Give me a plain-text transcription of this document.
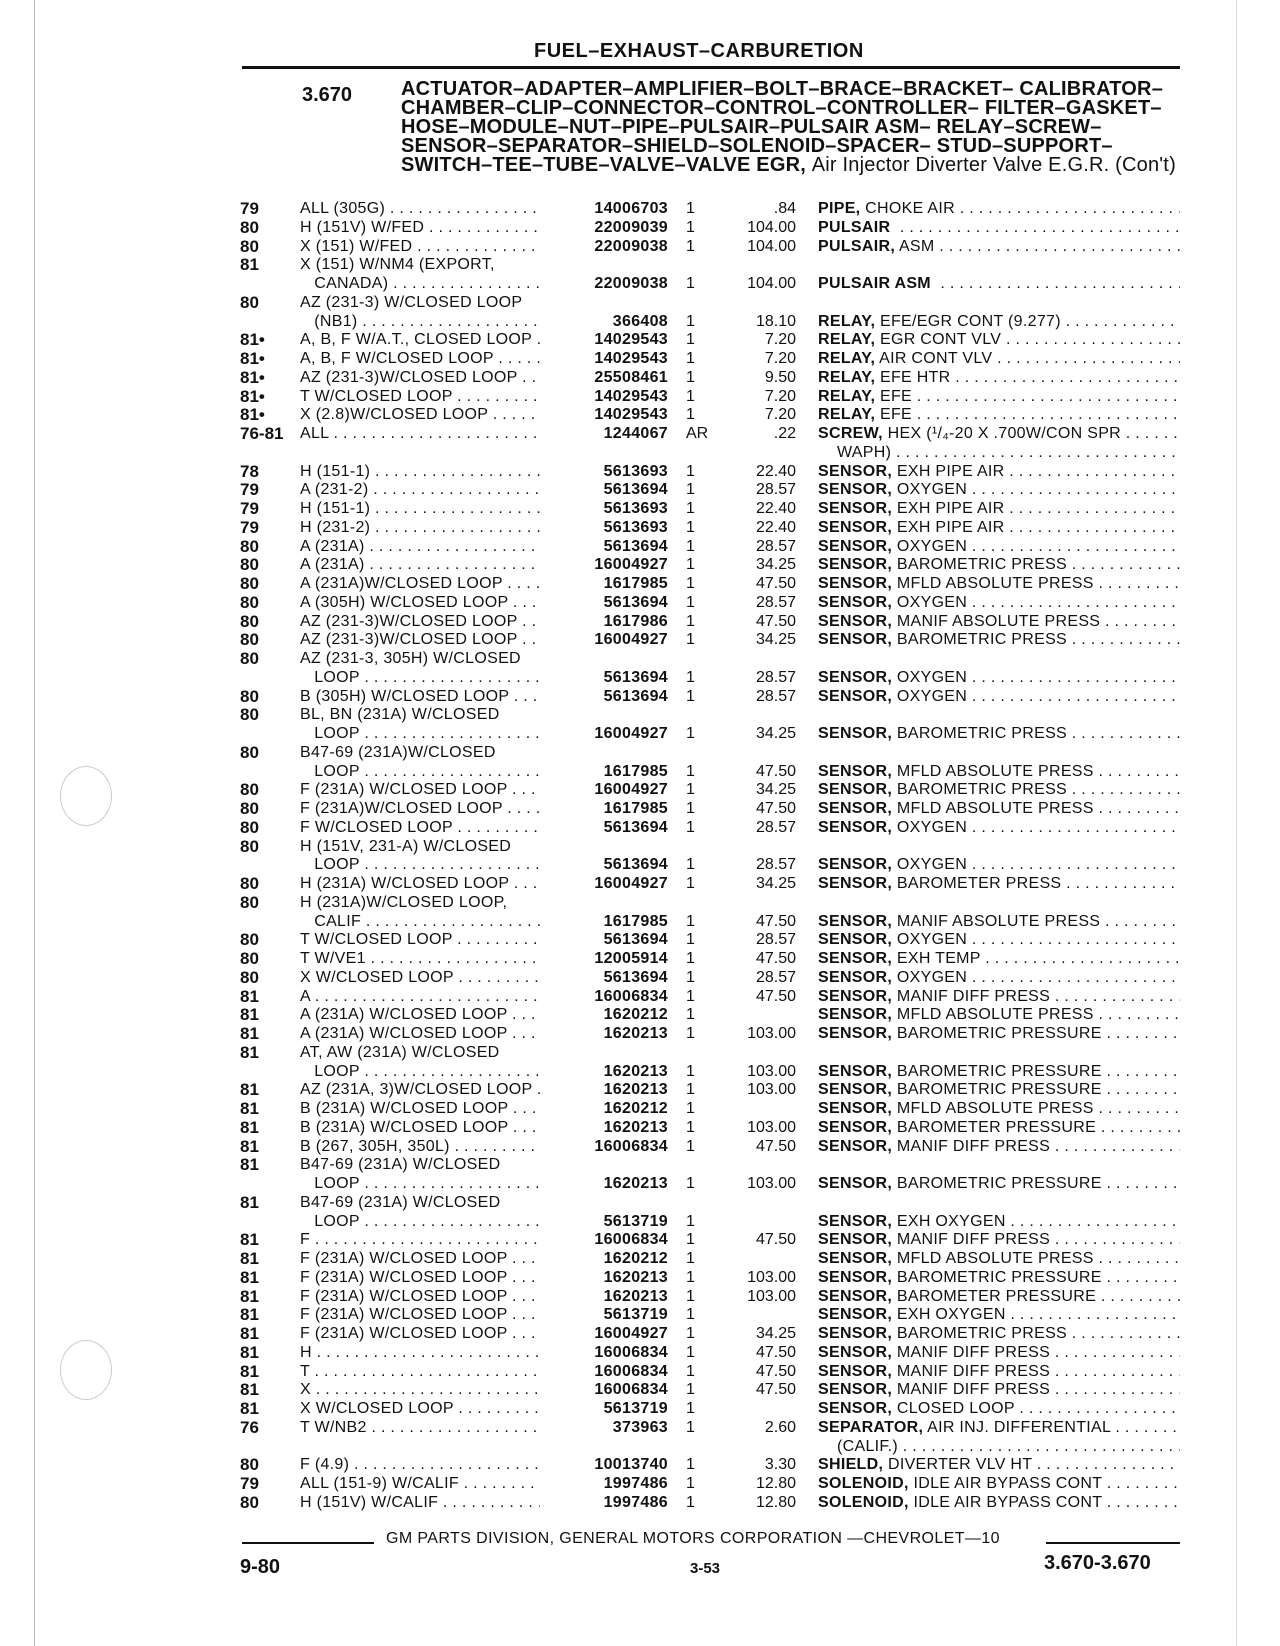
FUEL–EXHAUST–CARBURETION
3.670 ACTUATOR–ADAPTER–AMPLIFIER–BOLT–BRACE–BRACKET– CALIBRATOR–CHAMBER–CLIP–CONNECTOR–CONTROL–CONTROLLER– FILTER–GASKET–HOSE–MODULE–NUT–PIPE–PULSAIR–PULSAIR ASM– RELAY–SCREW–SENSOR–SEPARATOR–SHIELD–SOLENOID–SPACER– STUD–SUPPORT–SWITCH–TEE–TUBE–VALVE–VALVE EGR, Air Injector Diverter Valve E.G.R. (Con't)
79	ALL (305G) . . .	14006703 1	.84 PIPE, CHOKE AIR . . .
80	H (151V) W/FED . . .	22009039 1	104.00 PULSAIR  . . .
80	X (151) W/FED . . .	22009038 1	104.00 PULSAIR, ASM . . .
81	X (151) W/NM4 (EXPORT,

CANADA) . . .	22009038 1	104.00 PULSAIR ASM  . . .
80	AZ (231-3) W/CLOSED LOOP

(NB1) . . .	366408 1	18.10 RELAY, EFE/EGR CONT (9.277) . . .
81• A, B, F W/A.T., CLOSED LOOP . . .	14029543 1	7.20 RELAY, EGR CONT VLV . . .
81• A, B, F W/CLOSED LOOP . . .	14029543 1	7.20 RELAY, AIR CONT VLV . . .
81• AZ (231-3)W/CLOSED LOOP . . .	25508461 1	9.50 RELAY, EFE HTR . . .
81• T W/CLOSED LOOP . . .	14029543 1	7.20 RELAY, EFE . . .
81• X (2.8)W/CLOSED LOOP . . .	14029543 1	7.20 RELAY, EFE . . .
76-81 ALL . . .	1244067 AR	.22 SCREW, HEX (¹/₄-20 X .700W/CON SPR . . .
WAPH) . . .
78	H (151-1) . . .	5613693 1	22.40 SENSOR, EXH PIPE AIR . . .
79	A (231-2) . . .	5613694 1	28.57 SENSOR, OXYGEN . . .
79	H (151-1) . . .	5613693 1	22.40 SENSOR, EXH PIPE AIR . . .
79	H (231-2) . . .	5613693 1	22.40 SENSOR, EXH PIPE AIR . . .
80	A (231A) . . .	5613694 1	28.57 SENSOR, OXYGEN . . .
80	A (231A) . . .	16004927 1	34.25 SENSOR, BAROMETRIC PRESS . . .
80	A (231A)W/CLOSED LOOP . . .	1617985 1	47.50 SENSOR, MFLD ABSOLUTE PRESS . . .
80	A (305H) W/CLOSED LOOP . . .	5613694 1	28.57 SENSOR, OXYGEN . . .
80	AZ (231-3)W/CLOSED LOOP . . .	1617986 1	47.50 SENSOR, MANIF ABSOLUTE PRESS . . .
80	AZ (231-3)W/CLOSED LOOP . . .	16004927 1	34.25 SENSOR, BAROMETRIC PRESS . . .
80	AZ (231-3, 305H) W/CLOSED

LOOP . . .	5613694 1	28.57 SENSOR, OXYGEN . . .
80	B (305H) W/CLOSED LOOP . . .	5613694 1	28.57 SENSOR, OXYGEN . . .
80	BL, BN (231A) W/CLOSED

LOOP . . .	16004927 1	34.25 SENSOR, BAROMETRIC PRESS . . .
80	B47-69 (231A)W/CLOSED

LOOP . . .	1617985 1	47.50 SENSOR, MFLD ABSOLUTE PRESS . . .
80	F (231A) W/CLOSED LOOP . . .	16004927 1	34.25 SENSOR, BAROMETRIC PRESS . . .
80	F (231A)W/CLOSED LOOP . . .	1617985 1	47.50 SENSOR, MFLD ABSOLUTE PRESS . . .
80	F W/CLOSED LOOP . . .	5613694 1	28.57 SENSOR, OXYGEN . . .
80	H (151V, 231-A) W/CLOSED

LOOP . . .	5613694 1	28.57 SENSOR, OXYGEN . . .
80	H (231A) W/CLOSED LOOP . . .	16004927 1	34.25 SENSOR, BAROMETER PRESS . . .
80	H (231A)W/CLOSED LOOP,

CALIF . . .	1617985 1	47.50 SENSOR, MANIF ABSOLUTE PRESS . . .
80	T W/CLOSED LOOP . . .	5613694 1	28.57 SENSOR, OXYGEN . . .
80	T W/VE1 . . .	12005914 1	47.50 SENSOR, EXH TEMP . . .
80	X W/CLOSED LOOP . . .	5613694 1	28.57 SENSOR, OXYGEN . . .
81	A . . .	16006834 1	47.50 SENSOR, MANIF DIFF PRESS . . .
81	A (231A) W/CLOSED LOOP . . .	1620212 1	SENSOR, MFLD ABSOLUTE PRESS . . .
81	A (231A) W/CLOSED LOOP . . .	1620213 1	103.00 SENSOR, BAROMETRIC PRESSURE . . .
81	AT, AW (231A) W/CLOSED

LOOP . . .	1620213 1	103.00 SENSOR, BAROMETRIC PRESSURE . . .
81	AZ (231A, 3)W/CLOSED LOOP . . .	1620213 1	103.00 SENSOR, BAROMETRIC PRESSURE . . .
81	B (231A) W/CLOSED LOOP . . .	1620212 1	SENSOR, MFLD ABSOLUTE PRESS . . .
81	B (231A) W/CLOSED LOOP . . .	1620213 1	103.00 SENSOR, BAROMETER PRESSURE . . .
81	B (267, 305H, 350L) . . .	16006834 1	47.50 SENSOR, MANIF DIFF PRESS . . .
81	B47-69 (231A) W/CLOSED

LOOP . . .	1620213 1	103.00 SENSOR, BAROMETRIC PRESSURE . . .
81	B47-69 (231A) W/CLOSED

LOOP . . .	5613719 1	SENSOR, EXH OXYGEN . . .
81	F . . .	16006834 1	47.50 SENSOR, MANIF DIFF PRESS . . .
81	F (231A) W/CLOSED LOOP . . .	1620212 1	SENSOR, MFLD ABSOLUTE PRESS . . .
81	F (231A) W/CLOSED LOOP . . .	1620213 1	103.00 SENSOR, BAROMETRIC PRESSURE . . .
81	F (231A) W/CLOSED LOOP . . .	1620213 1	103.00 SENSOR, BAROMETER PRESSURE . . .
81	F (231A) W/CLOSED LOOP . . .	5613719 1	SENSOR, EXH OXYGEN . . .
81	F (231A) W/CLOSED LOOP . . .	16004927 1	34.25 SENSOR, BAROMETRIC PRESS . . .
81	H . . .	16006834 1	47.50 SENSOR, MANIF DIFF PRESS . . .
81	T . . .	16006834 1	47.50 SENSOR, MANIF DIFF PRESS . . .
81	X . . .	16006834 1	47.50 SENSOR, MANIF DIFF PRESS . . .
81	X W/CLOSED LOOP . . .	5613719 1	SENSOR, CLOSED LOOP . . .
76	T W/NB2 . . .	373963 1	2.60 SEPARATOR, AIR INJ. DIFFERENTIAL . . .
(CALIF.) . . .
80	F (4.9) . . .	10013740 1	3.30 SHIELD, DIVERTER VLV HT . . .
79	ALL (151-9) W/CALIF . . .	1997486 1	12.80 SOLENOID, IDLE AIR BYPASS CONT . . .
80	H (151V) W/CALIF . . .	1997486 1	12.80 SOLENOID, IDLE AIR BYPASS CONT . . .
GM PARTS DIVISION, GENERAL MOTORS CORPORATION —CHEVROLET—10
9-80	3-53	3.670-3.670
